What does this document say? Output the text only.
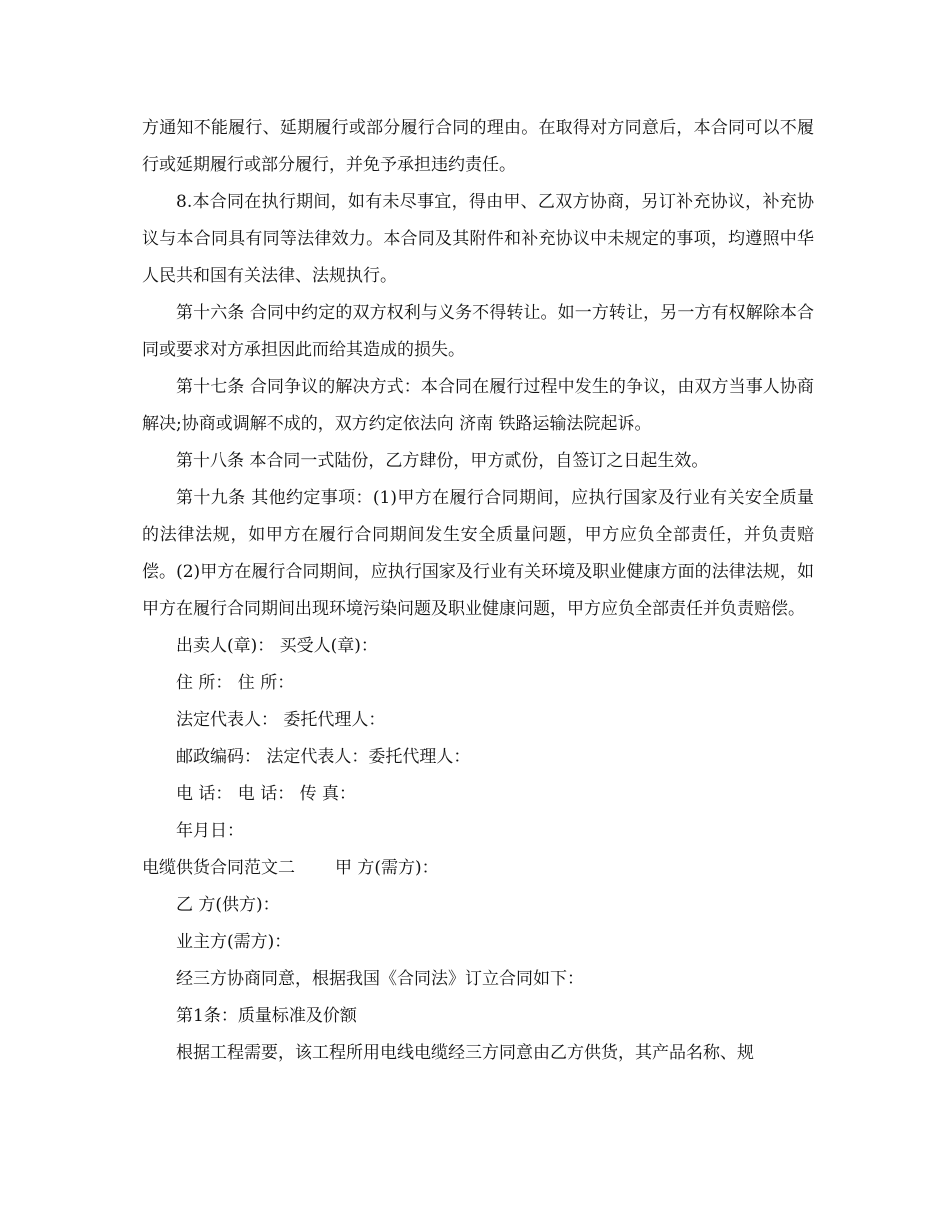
方通知不能履行、延期履行或部分履行合同的理由。在取得对方同意后，本合同可以不履行或延期履行或部分履行，并免予承担违约责任。

8.本合同在执行期间，如有未尽事宜，得由甲、乙双方协商，另订补充协议，补充协议与本合同具有同等法律效力。本合同及其附件和补充协议中未规定的事项，均遵照中华人民共和国有关法律、法规执行。

第十六条 合同中约定的双方权利与义务不得转让。如一方转让，另一方有权解除本合同或要求对方承担因此而给其造成的损失。

第十七条 合同争议的解决方式：本合同在履行过程中发生的争议，由双方当事人协商解决;协商或调解不成的，双方约定依法向 济南 铁路运输法院起诉。

第十八条 本合同一式陆份，乙方肆份，甲方贰份，自签订之日起生效。

第十九条 其他约定事项：(1)甲方在履行合同期间，应执行国家及行业有关安全质量的法律法规，如甲方在履行合同期间发生安全质量问题，甲方应负全部责任，并负责赔偿。(2)甲方在履行合同期间，应执行国家及行业有关环境及职业健康方面的法律法规，如甲方在履行合同期间出现环境污染问题及职业健康问题，甲方应负全部责任并负责赔偿。

出卖人(章)： 买受人(章)：

住 所： 住 所：

法定代表人： 委托代理人：

邮政编码： 法定代表人：委托代理人：

电 话： 电 话： 传 真：

年月日：

电缆供货合同范文二 甲 方(需方)：

乙 方(供方)：

业主方(需方)：

经三方协商同意，根据我国《合同法》订立合同如下：

第1条：质量标准及价额

根据工程需要，该工程所用电线电缆经三方同意由乙方供货，其产品名称、规
